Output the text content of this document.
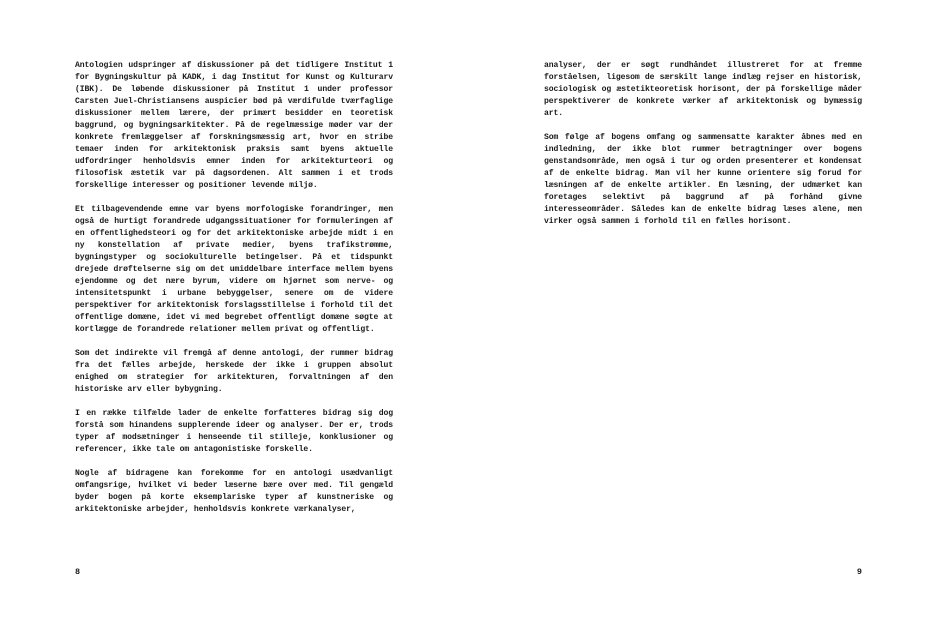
Antologien udspringer af diskussioner på det tidligere Institut 1 for Bygningskultur på KADK, i dag Institut for Kunst og Kulturarv (IBK). De løbende diskussioner på Institut 1 under professor Carsten Juel-Christiansens auspicier bød på værdifulde tværfaglige diskussioner mellem lærere, der primært besidder en teoretisk baggrund, og bygningsarkitekter. På de regelmæssige møder var der konkrete fremlæggelser af forskningsmæssig art, hvor en stribe temaer inden for arkitektonisk praksis samt byens aktuelle udfordringer henholdsvis emner inden for arkitekturteori og filosofisk æstetik var på dagsordenen. Alt sammen i et trods forskellige interesser og positioner levende miljø.

Et tilbagevendende emne var byens morfologiske forandringer, men også de hurtigt forandrede udgangssituationer for formuleringen af en offentlighedsteori og for det arkitektoniske arbejde midt i en ny konstellation af private medier, byens trafikstrømme, bygningstyper og sociokulturelle betingelser. På et tidspunkt drejede drøftelserne sig om det umiddelbare interface mellem byens ejendomme og det nære byrum, videre om hjørnet som nerve- og intensitetspunkt i urbane bebyggelser, senere om de videre perspektiver for arkitektonisk forslagsstillelse i forhold til det offentlige domæne, idet vi med begrebet offentligt domæne søgte at kortlægge de forandrede relationer mellem privat og offentligt.

Som det indirekte vil fremgå af denne antologi, der rummer bidrag fra det fælles arbejde, herskede der ikke i gruppen absolut enighed om strategier for arkitekturen, forvaltningen af den historiske arv eller bybygning.

I en række tilfælde lader de enkelte forfatteres bidrag sig dog forstå som hinandens supplerende ideer og analyser. Der er, trods typer af modsætninger i henseende til stilleje, konklusioner og referencer, ikke tale om antagonistiske forskelle.

Nogle af bidragene kan forekomme for en antologi usædvanligt omfangsrige, hvilket vi beder læserne bære over med. Til gengæld byder bogen på korte eksemplariske typer af kunstneriske og arkitektoniske arbejder, henholdsvis konkrete værkanalyser,

8

analyser, der er søgt rundhåndet illustreret for at fremme forståelsen, ligesom de særskilt lange indlæg rejser en historisk, sociologisk og æstetikteoretisk horisont, der på forskellige måder perspektiverer de konkrete værker af arkitektonisk og bymæssig art.

Som følge af bogens omfang og sammensatte karakter åbnes med en indledning, der ikke blot rummer betragtninger over bogens genstandsområde, men også i tur og orden presenterer et kondensat af de enkelte bidrag. Man vil her kunne orientere sig forud for læsningen af de enkelte artikler. En læsning, der udmærket kan foretages selektivt på baggrund af på forhånd givne interesseområder. Således kan de enkelte bidrag læses alene, men virker også sammen i forhold til en fælles horisont.

9
